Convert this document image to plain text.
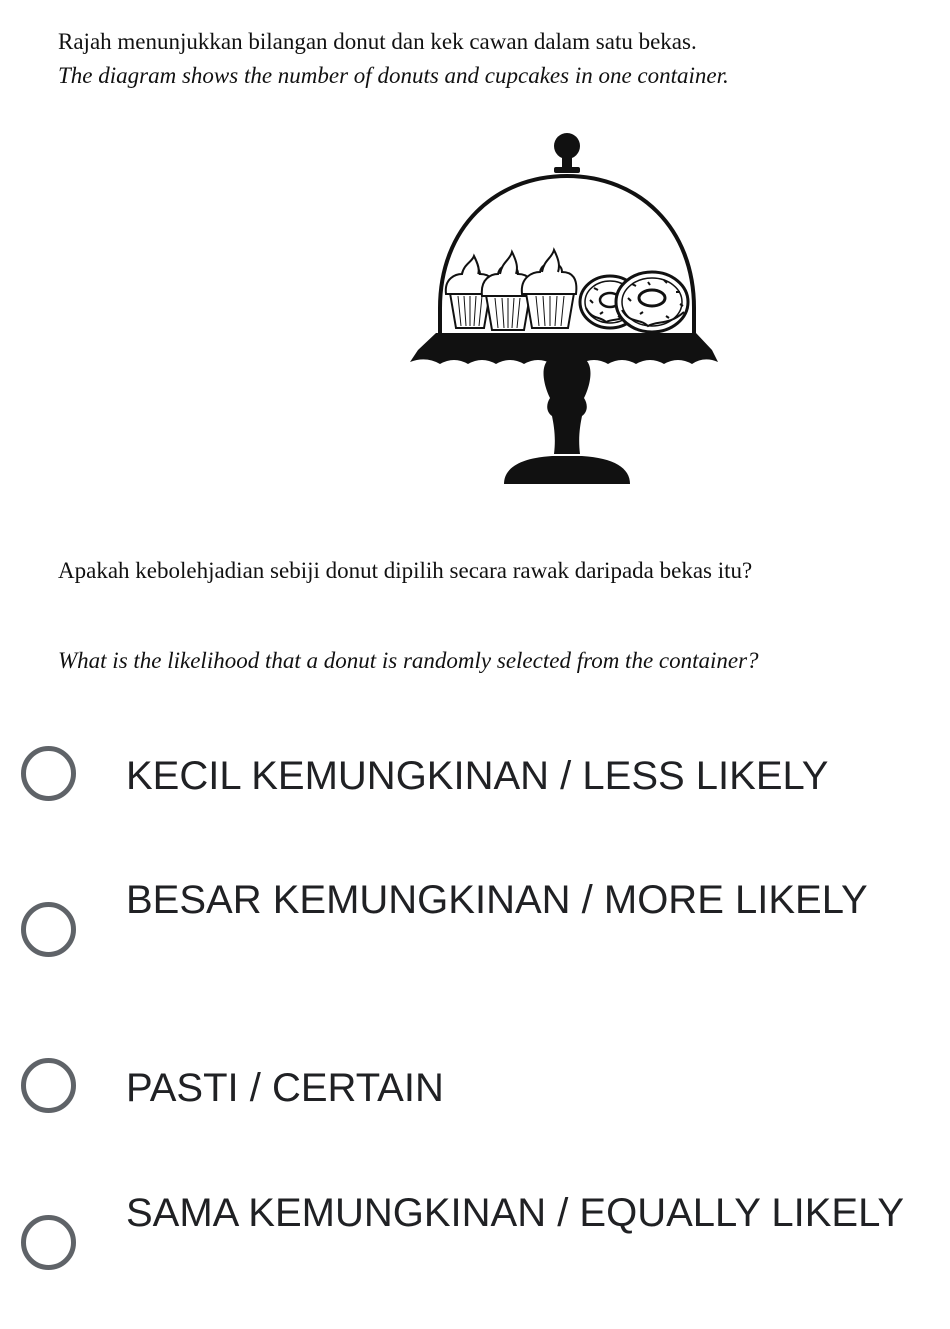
Rajah menunjukkan bilangan donut dan kek cawan dalam satu bekas.
The diagram shows the number of donuts and cupcakes in one container.
Apakah kebolehjadian sebiji donut dipilih secara rawak daripada bekas itu?
What is the likelihood that a donut is randomly selected from the container?
KECIL KEMUNGKINAN / LESS LIKELY
BESAR KEMUNGKINAN / MORE LIKELY
PASTI / CERTAIN
SAMA KEMUNGKINAN / EQUALLY LIKELY
